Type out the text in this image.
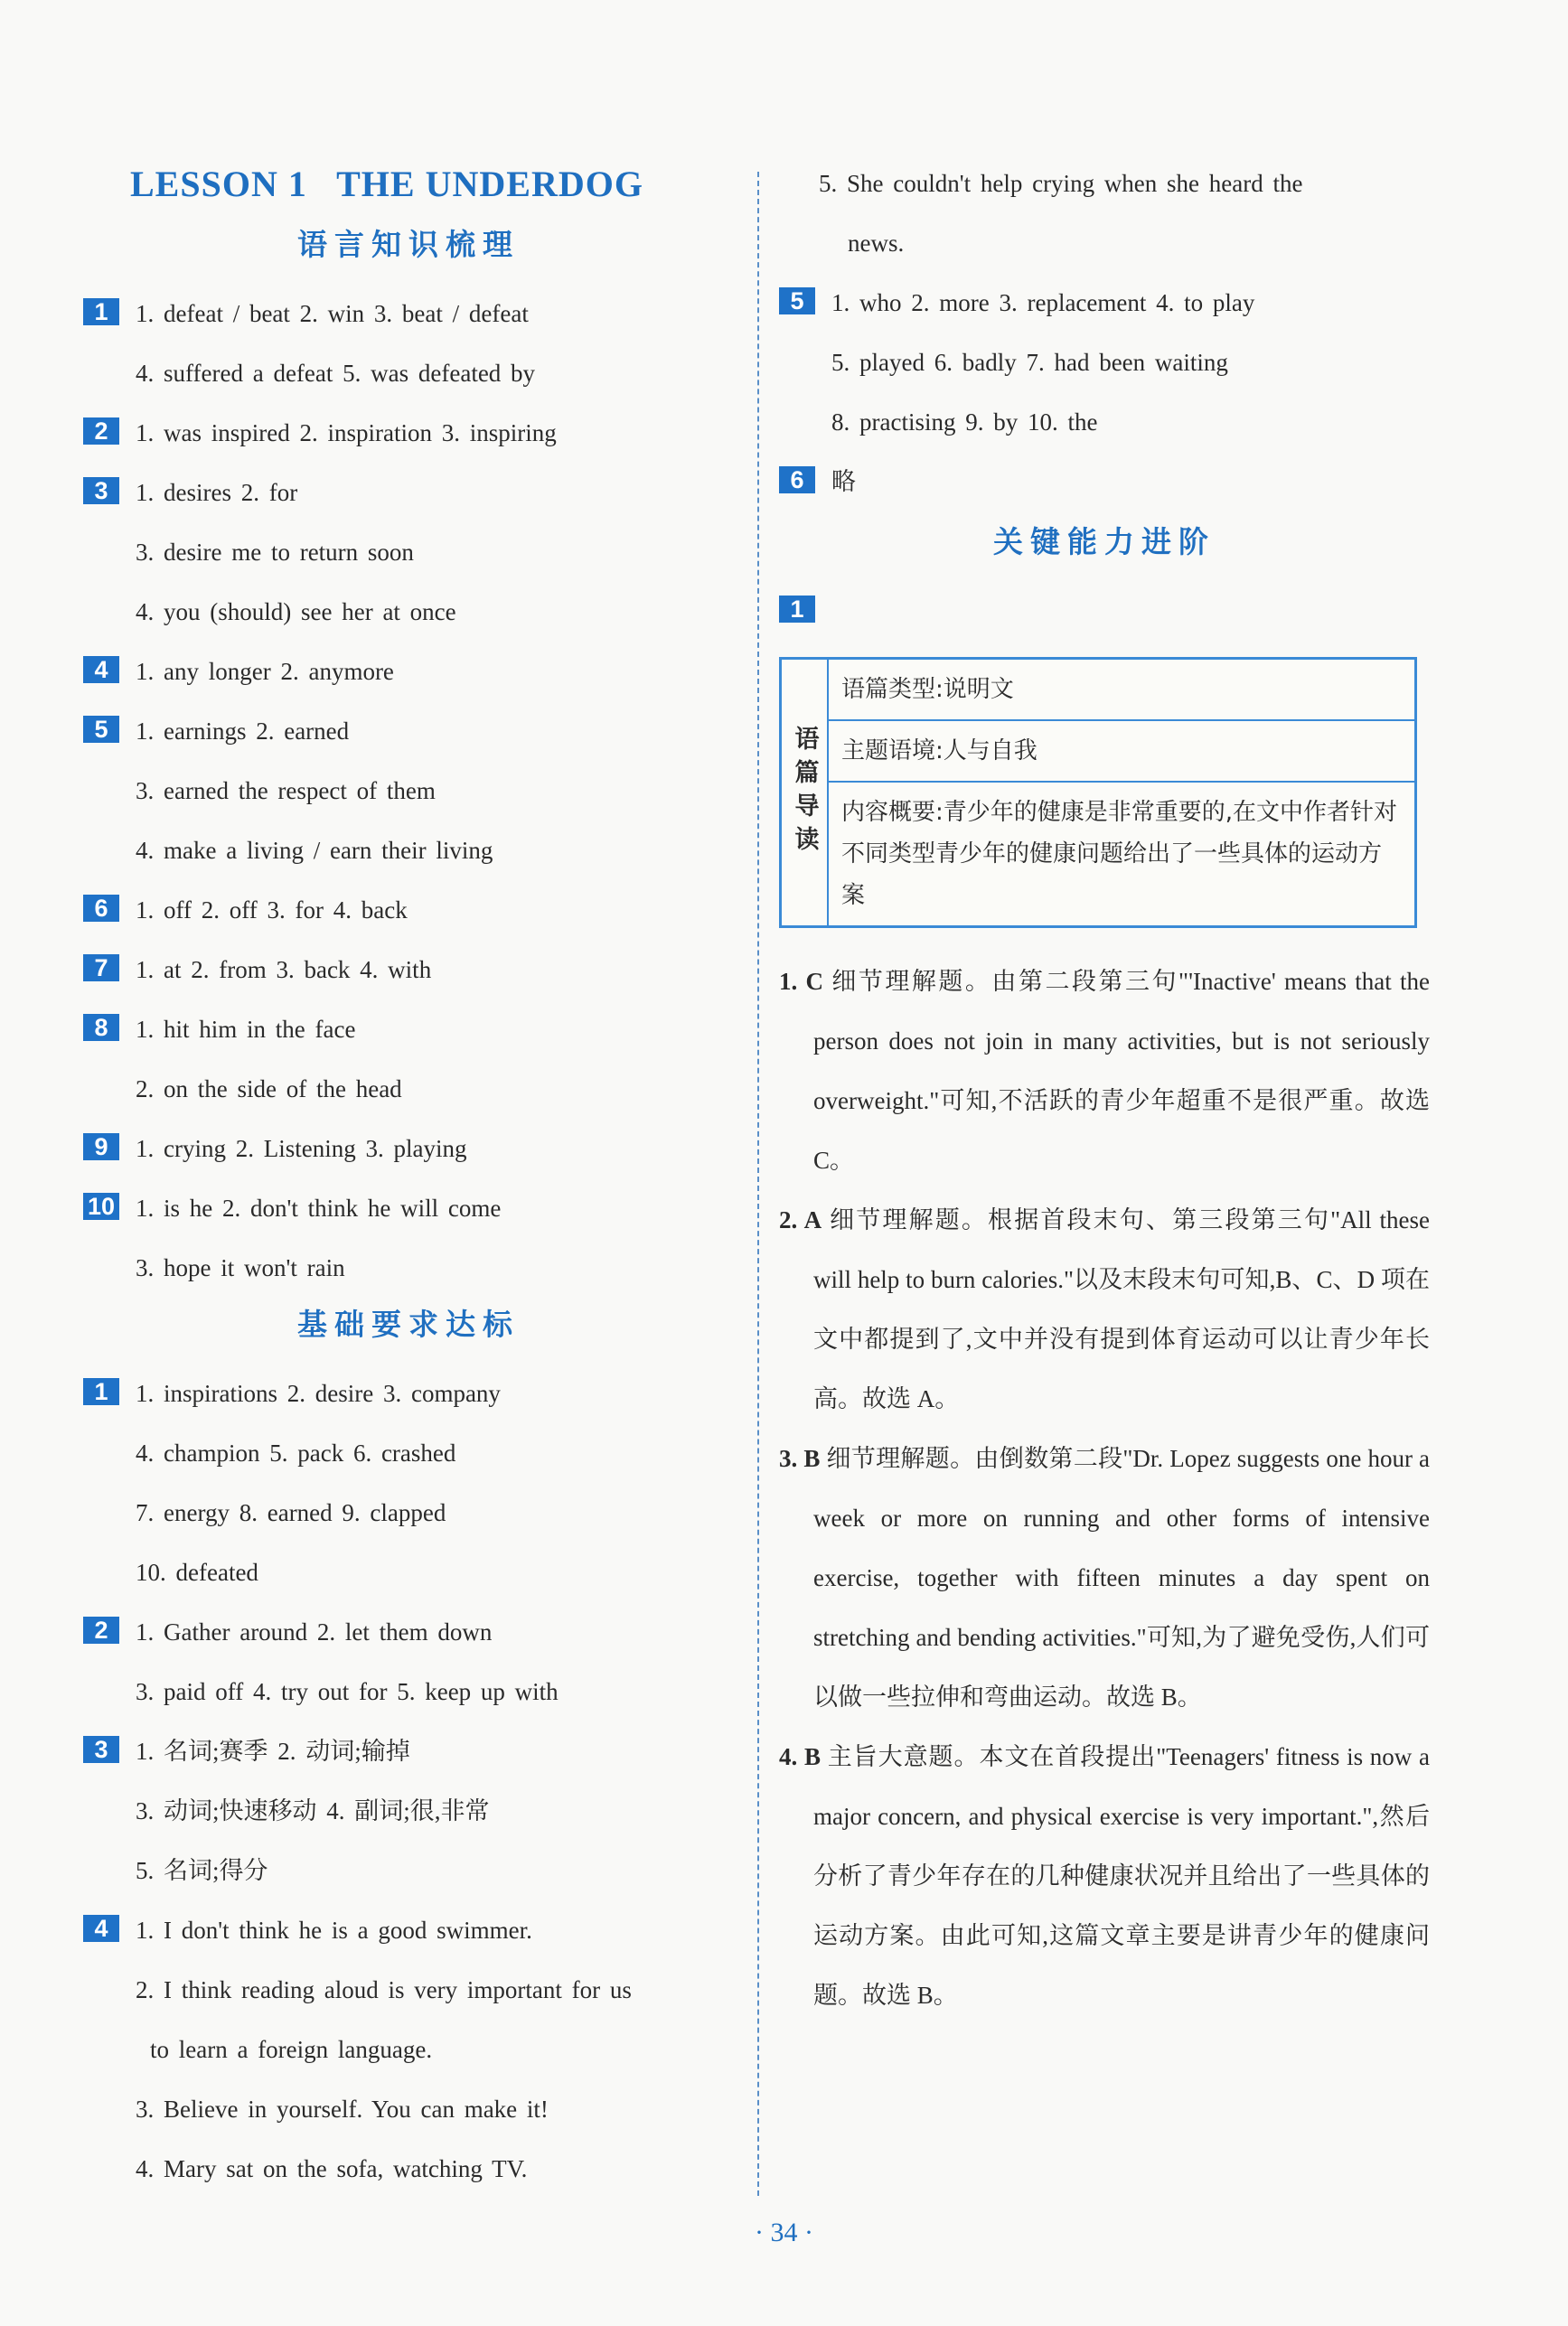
LESSON 1   THE UNDERDOG
语言知识梳理
1 1. defeat / beat 2. win 3. beat / defeat
4. suffered a defeat 5. was defeated by
2 1. was inspired 2. inspiration 3. inspiring
3 1. desires 2. for
3. desire me to return soon
4. you (should) see her at once
4 1. any longer 2. anymore
5 1. earnings 2. earned
3. earned the respect of them
4. make a living / earn their living
6 1. off 2. off 3. for 4. back
7 1. at 2. from 3. back 4. with
8 1. hit him in the face
2. on the side of the head
9 1. crying 2. Listening 3. playing
10 1. is he 2. don't think he will come
3. hope it won't rain
基础要求达标
1 1. inspirations 2. desire 3. company
4. champion 5. pack 6. crashed
7. energy 8. earned 9. clapped
10. defeated
2 1. Gather around 2. let them down
3. paid off 4. try out for 5. keep up with
3 1. 名词;赛季 2. 动词;输掉
3. 动词;快速移动 4. 副词;很,非常
5. 名词;得分
4 1. I don't think he is a good swimmer.
2. I think reading aloud is very important for us
to learn a foreign language.
3. Believe in yourself. You can make it!
4. Mary sat on the sofa, watching TV.
5. She couldn't help crying when she heard the
news.
5 1. who 2. more 3. replacement 4. to play
5. played 6. badly 7. had been waiting
8. practising 9. by 10. the
6 略
关键能力进阶
1
语篇导读
语篇类型:说明文
主题语境:人与自我
内容概要:青少年的健康是非常重要的,在文中作者针对不同类型青少年的健康问题给出了一些具体的运动方案

1. C 细节理解题。由第二段第三句"'Inactive' means that the person does not join in many activities, but is not seriously overweight."可知,不活跃的青少年超重不是很严重。故选 C。

2. A 细节理解题。根据首段末句、第三段第三句"All these will help to burn calories."以及末段末句可知,B、C、D 项在文中都提到了,文中并没有提到体育运动可以让青少年长高。故选 A。

3. B 细节理解题。由倒数第二段"Dr. Lopez suggests one hour a week or more on running and other forms of intensive exercise, together with fifteen minutes a day spent on stretching and bending activities."可知,为了避免受伤,人们可以做一些拉伸和弯曲运动。故选 B。

4. B 主旨大意题。本文在首段提出"Teenagers' fitness is now a major concern, and physical exercise is very important.",然后分析了青少年存在的几种健康状况并且给出了一些具体的运动方案。由此可知,这篇文章主要是讲青少年的健康问题。故选 B。

· 34 ·
